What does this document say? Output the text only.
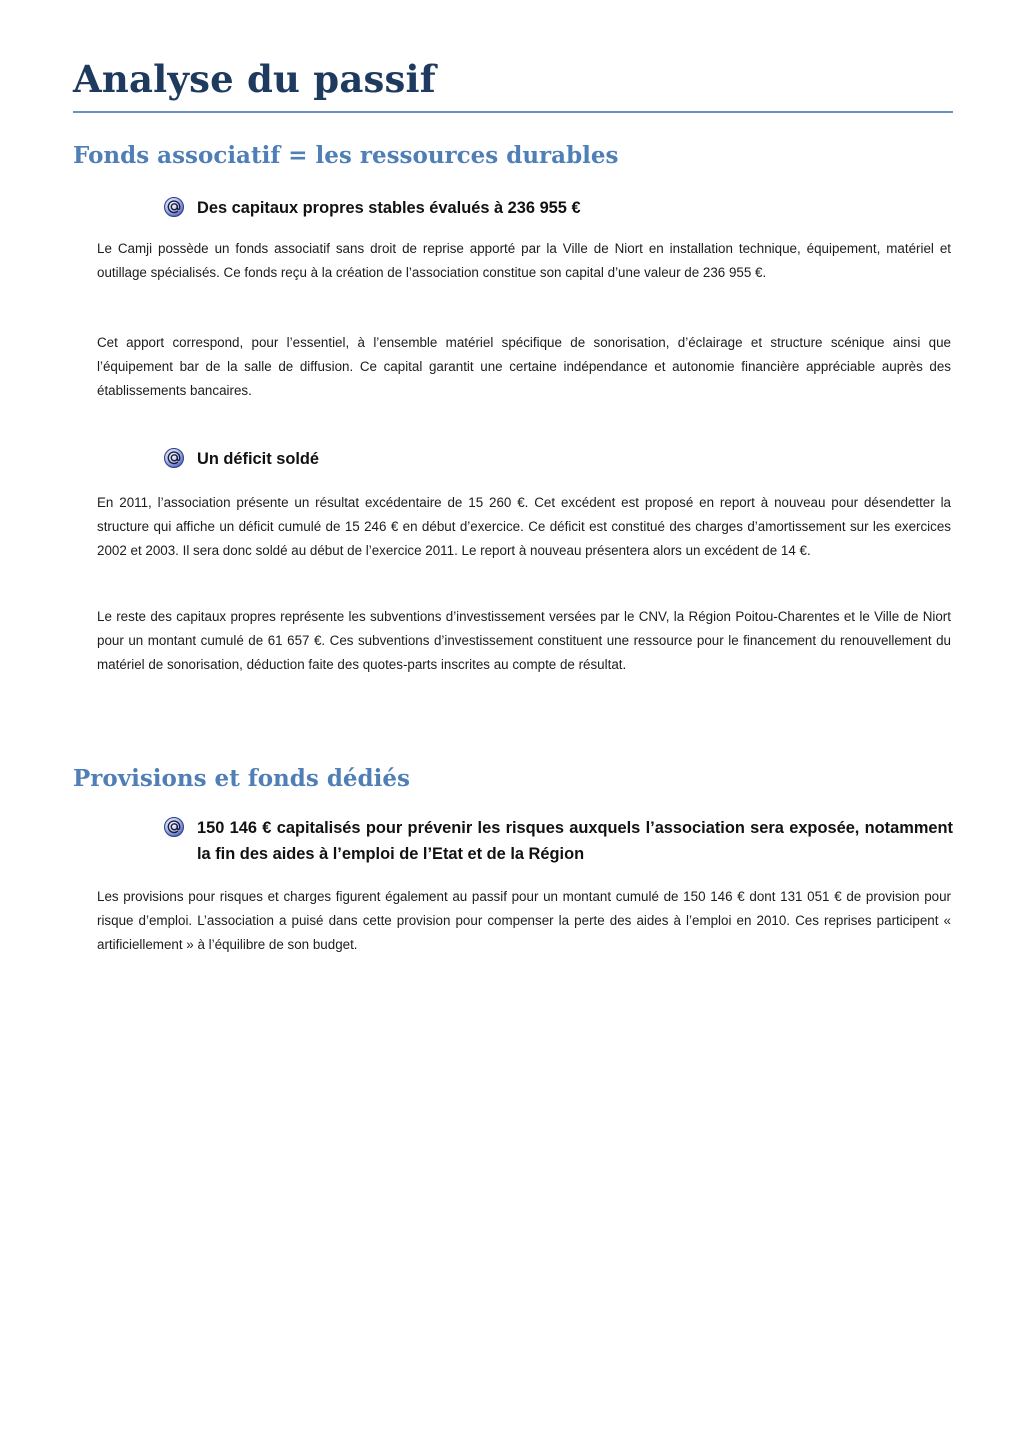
Analyse du passif
Fonds associatif = les ressources durables

Des capitaux propres stables évalués à 236 955 €

Le Camji possède un fonds associatif sans droit de reprise apporté par la Ville de Niort en installation technique, équipement, matériel et outillage spécialisés. Ce fonds reçu à la création de l’association constitue son capital d’une valeur de 236 955 €.

Cet apport correspond, pour l’essentiel, à l’ensemble matériel spécifique de sonorisation, d’éclairage et structure scénique ainsi que l’équipement bar de la salle de diffusion. Ce capital garantit une certaine indépendance et autonomie financière appréciable auprès des établissements bancaires.

Un déficit soldé

En 2011, l’association présente un résultat excédentaire de 15 260 €. Cet excédent est proposé en report à nouveau pour désendetter la structure qui affiche un déficit cumulé de 15 246 € en début d’exercice. Ce déficit est constitué des charges d’amortissement sur les exercices 2002 et 2003. Il sera donc soldé au début de l’exercice 2011. Le report à nouveau présentera alors un excédent de 14 €.

Le reste des capitaux propres représente les subventions d’investissement versées par le CNV, la Région Poitou-Charentes et le Ville de Niort pour un montant cumulé de 61 657 €. Ces subventions d’investissement constituent une ressource pour le financement du renouvellement du matériel de sonorisation, déduction faite des quotes-parts inscrites au compte de résultat.

Provisions et fonds dédiés

150 146 € capitalisés pour prévenir les risques auxquels l’association sera exposée, notamment la fin des aides à l’emploi de l’Etat et de la Région

Les provisions pour risques et charges figurent également au passif pour un montant cumulé de 150 146 € dont 131 051 € de provision pour risque d’emploi. L’association a puisé dans cette provision pour compenser la perte des aides à l’emploi en 2010. Ces reprises participent « artificiellement » à l’équilibre de son budget.
